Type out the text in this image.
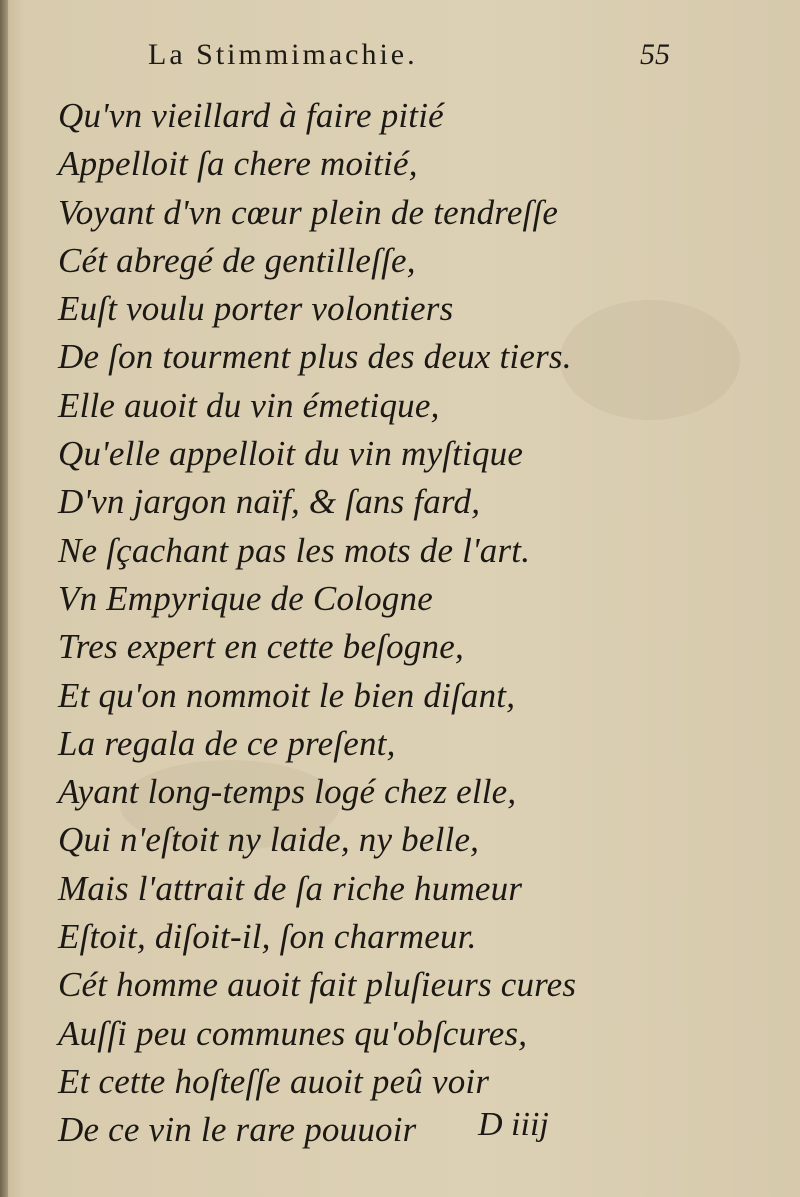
La Stimmimachie.	55
Qu'vn vieillard à faire pitié
Appelloit ſa chere moitié,
Voyant d'vn cœur plein de tendreſſe
Cét abregé de gentilleſſe,
Euſt voulu porter volontiers
De ſon tourment plus des deux tiers.
Elle auoit du vin émetique,
Qu'elle appelloit du vin myſtique
D'vn jargon naïf, & ſans fard,
Ne ſçachant pas les mots de l'art.
Vn Empyrique de Cologne
Tres expert en cette beſogne,
Et qu'on nommoit le bien diſant,
La regala de ce preſent,
Ayant long-temps logé chez elle,
Qui n'eſtoit ny laide, ny belle,
Mais l'attrait de ſa riche humeur
Eſtoit, diſoit-il, ſon charmeur.
Cét homme auoit fait pluſieurs cures
Auſſi peu communes qu'obſcures,
Et cette hoſteſſe auoit peû voir
De ce vin le rare pouuoir	D iiij
